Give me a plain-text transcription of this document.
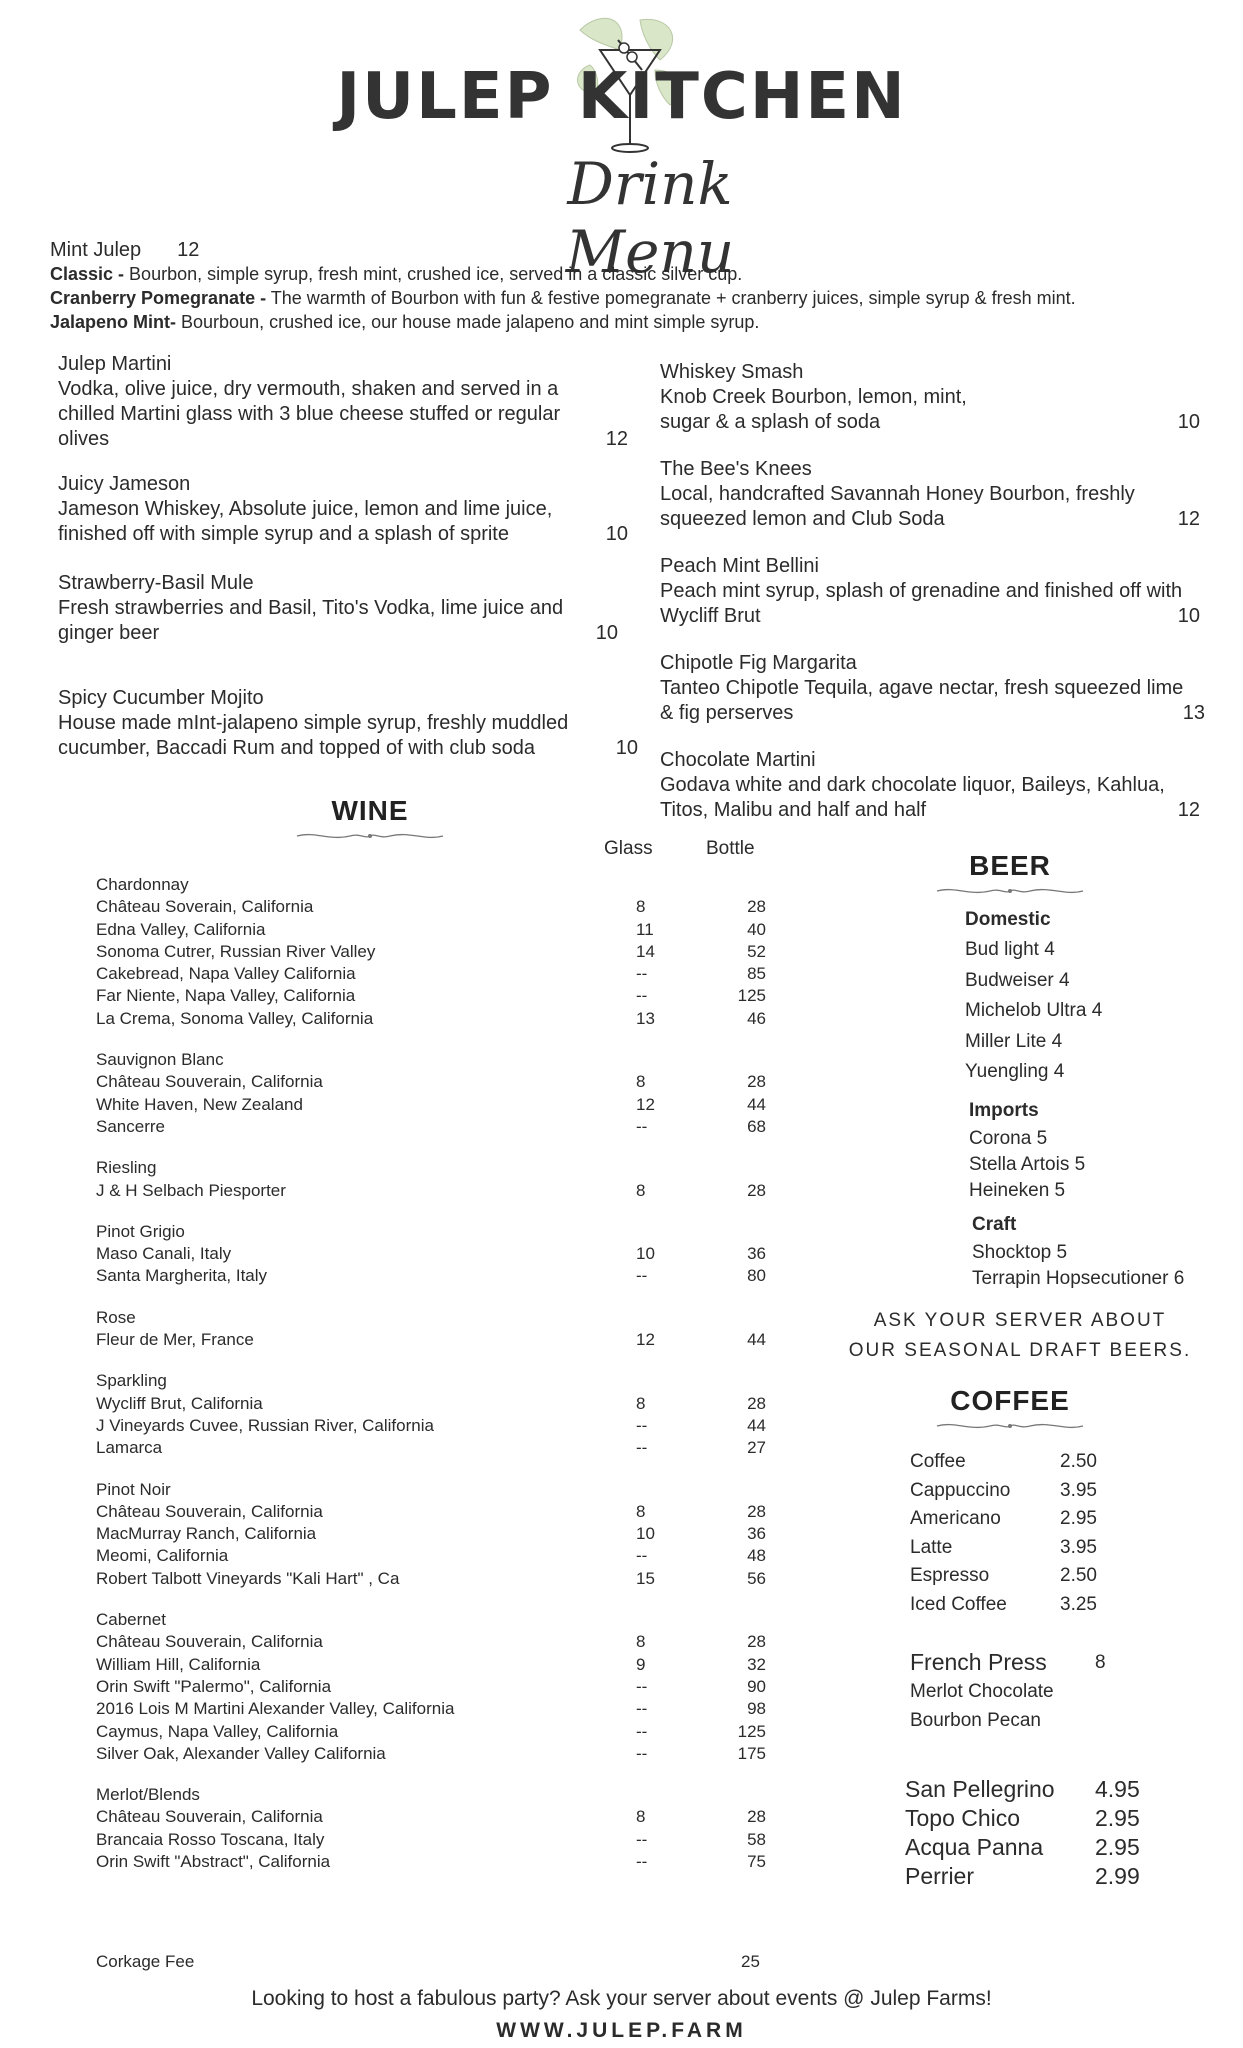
JULEP KITCHEN
Drink Menu
Mint Julep 12
Classic - Bourbon, simple syrup, fresh mint, crushed ice, served in a classic silver cup.
Cranberry Pomegranate - The warmth of Bourbon with fun & festive pomegranate + cranberry juices, simple syrup & fresh mint.
Jalapeno Mint- Bourboun, crushed ice, our house made jalapeno and mint simple syrup.
Julep Martini
Vodka, olive juice, dry vermouth, shaken and served in a chilled Martini glass with 3 blue cheese stuffed or regular olives	12
Juicy Jameson
Jameson Whiskey, Absolute juice, lemon and lime juice, finished off with simple syrup and a splash of sprite	10
Strawberry-Basil Mule
Fresh strawberries and Basil, Tito's Vodka, lime juice and ginger beer	10
Spicy Cucumber Mojito
House made mInt-jalapeno simple syrup, freshly muddled cucumber, Baccadi Rum and topped of with club soda	10
Whiskey Smash
Knob Creek Bourbon, lemon, mint, sugar & a splash of soda	10
The Bee's Knees
Local, handcrafted Savannah Honey Bourbon, freshly squeezed lemon and Club Soda	12
Peach Mint Bellini
Peach mint syrup, splash of grenadine and finished off with Wycliff Brut	10
Chipotle Fig Margarita
Tanteo Chipotle Tequila, agave nectar, fresh squeezed lime & fig perserves	13
Chocolate Martini
Godava white and dark chocolate liquor, Baileys, Kahlua, Titos, Malibu and half and half	12
WINE
Glass	Bottle
Chardonnay
Château Soverain, California	8	28
Edna Valley, California	11	40
Sonoma Cutrer, Russian River Valley	14	52
Cakebread, Napa Valley California	--	85
Far Niente, Napa Valley, California	--	125
La Crema, Sonoma Valley, California	13	46
Sauvignon Blanc
Château Souverain, California	8	28
White Haven, New Zealand	12	44
Sancerre	--	68
Riesling
J & H Selbach Piesporter	8	28
Pinot Grigio
Maso Canali, Italy	10	36
Santa Margherita, Italy	--	80
Rose
Fleur de Mer, France	12	44
Sparkling
Wycliff Brut, California	8	28
J Vineyards Cuvee, Russian River, California	--	44
Lamarca	--	27
Pinot Noir
Château Souverain, California	8	28
MacMurray Ranch, California	10	36
Meomi, California	--	48
Robert Talbott Vineyards "Kali Hart" , Ca	15	56
Cabernet
Château Souverain, California	8	28
William Hill, California	9	32
Orin Swift "Palermo", California	--	90
2016 Lois M Martini Alexander Valley, California	--	98
Caymus, Napa Valley, California	--	125
Silver Oak, Alexander Valley California	--	175
Merlot/Blends
Château Souverain, California	8	28
Brancaia Rosso Toscana, Italy	--	58
Orin Swift "Abstract", California	--	75
BEER
Domestic
Bud light 4
Budweiser 4
Michelob Ultra 4
Miller Lite 4
Yuengling 4
Imports
Corona 5
Stella Artois 5
Heineken 5
Craft
Shocktop 5
Terrapin Hopsecutioner 6
ASK YOUR SERVER ABOUT
OUR SEASONAL DRAFT BEERS.
COFFEE
Coffee	2.50
Cappuccino	3.95
Americano	2.95
Latte	3.95
Espresso	2.50
Iced Coffee	3.25
French Press	8
Merlot Chocolate
Bourbon Pecan
San Pellegrino 4.95
Topo Chico	2.95
Acqua Panna 2.95
Perrier	2.99
Corkage Fee	25
Looking to host a fabulous party? Ask your server about events @ Julep Farms!
WWW.JULEP.FARM
